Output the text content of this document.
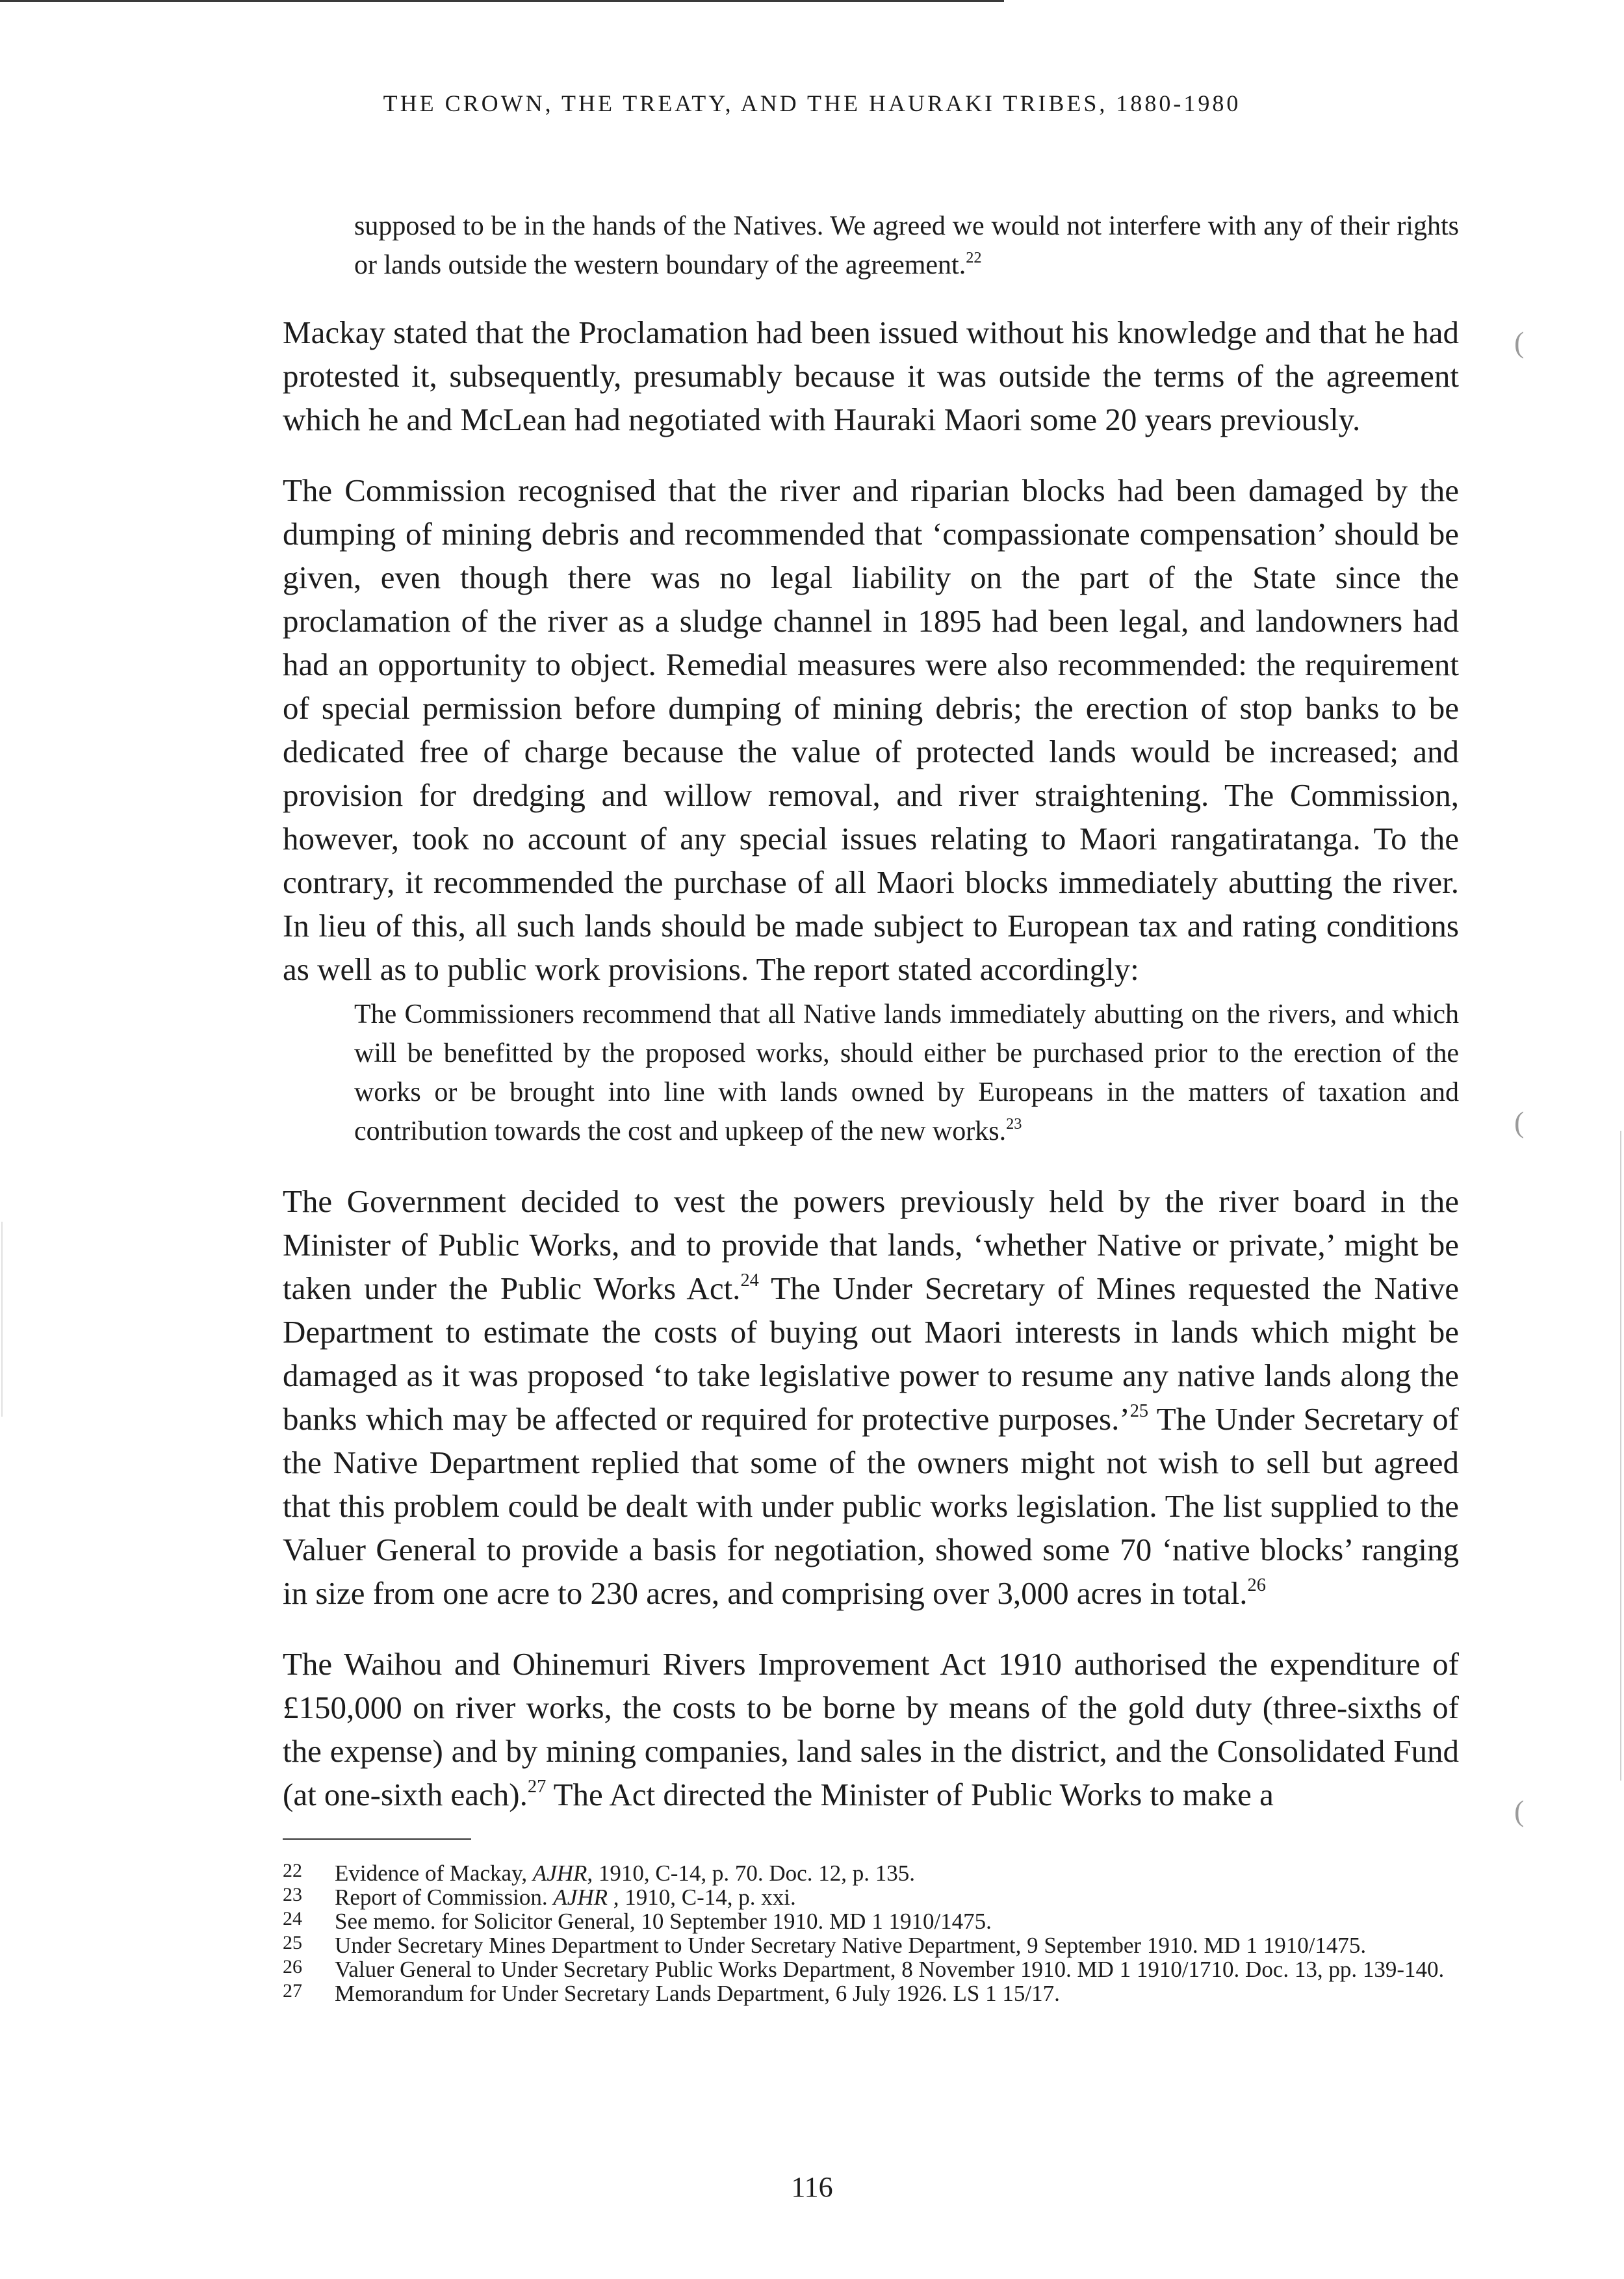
THE CROWN, THE TREATY, AND THE HAURAKI TRIBES, 1880-1980

supposed to be in the hands of the Natives. We agreed we would not interfere with any of their rights or lands outside the western boundary of the agreement.$^{22}$

Mackay stated that the Proclamation had been issued without his knowledge and that he had protested it, subsequently, presumably because it was outside the terms of the agreement which he and McLean had negotiated with Hauraki Maori some 20 years previously.

The Commission recognised that the river and riparian blocks had been damaged by the dumping of mining debris and recommended that ‘compassionate compensation’ should be given, even though there was no legal liability on the part of the State since the proclamation of the river as a sludge channel in 1895 had been legal, and landowners had had an opportunity to object. Remedial measures were also recommended: the requirement of special permission before dumping of mining debris; the erection of stop banks to be dedicated free of charge because the value of protected lands would be increased; and provision for dredging and willow removal, and river straightening. The Commission, however, took no account of any special issues relating to Maori rangatiratanga. To the contrary, it recommended the purchase of all Maori blocks immediately abutting the river. In lieu of this, all such lands should be made subject to European tax and rating conditions as well as to public work provisions. The report stated accordingly:

The Commissioners recommend that all Native lands immediately abutting on the rivers, and which will be benefitted by the proposed works, should either be purchased prior to the erection of the works or be brought into line with lands owned by Europeans in the matters of taxation and contribution towards the cost and upkeep of the new works.$^{23}$

The Government decided to vest the powers previously held by the river board in the Minister of Public Works, and to provide that lands, ‘whether Native or private,’ might be taken under the Public Works Act.$^{24}$ The Under Secretary of Mines requested the Native Department to estimate the costs of buying out Maori interests in lands which might be damaged as it was proposed ‘to take legislative power to resume any native lands along the banks which may be affected or required for protective purposes.’$^{25}$ The Under Secretary of the Native Department replied that some of the owners might not wish to sell but agreed that this problem could be dealt with under public works legislation. The list supplied to the Valuer General to provide a basis for negotiation, showed some 70 ‘native blocks’ ranging in size from one acre to 230 acres, and comprising over 3,000 acres in total.$^{26}$

The Waihou and Ohinemuri Rivers Improvement Act 1910 authorised the expenditure of £150,000 on river works, the costs to be borne by means of the gold duty (three-sixths of the expense) and by mining companies, land sales in the district, and the Consolidated Fund (at one-sixth each).$^{27}$ The Act directed the Minister of Public Works to make a

22 Evidence of Mackay, AJHR, 1910, C-14, p. 70. Doc. 12, p. 135.
23 Report of Commission. AJHR , 1910, C-14, p. xxi.
24 See memo. for Solicitor General, 10 September 1910. MD 1 1910/1475.
25 Under Secretary Mines Department to Under Secretary Native Department, 9 September 1910. MD 1 1910/1475.
26 Valuer General to Under Secretary Public Works Department, 8 November 1910. MD 1 1910/1710. Doc. 13, pp. 139-140.
27 Memorandum for Under Secretary Lands Department, 6 July 1926. LS 1 15/17.
116
(
(
(
